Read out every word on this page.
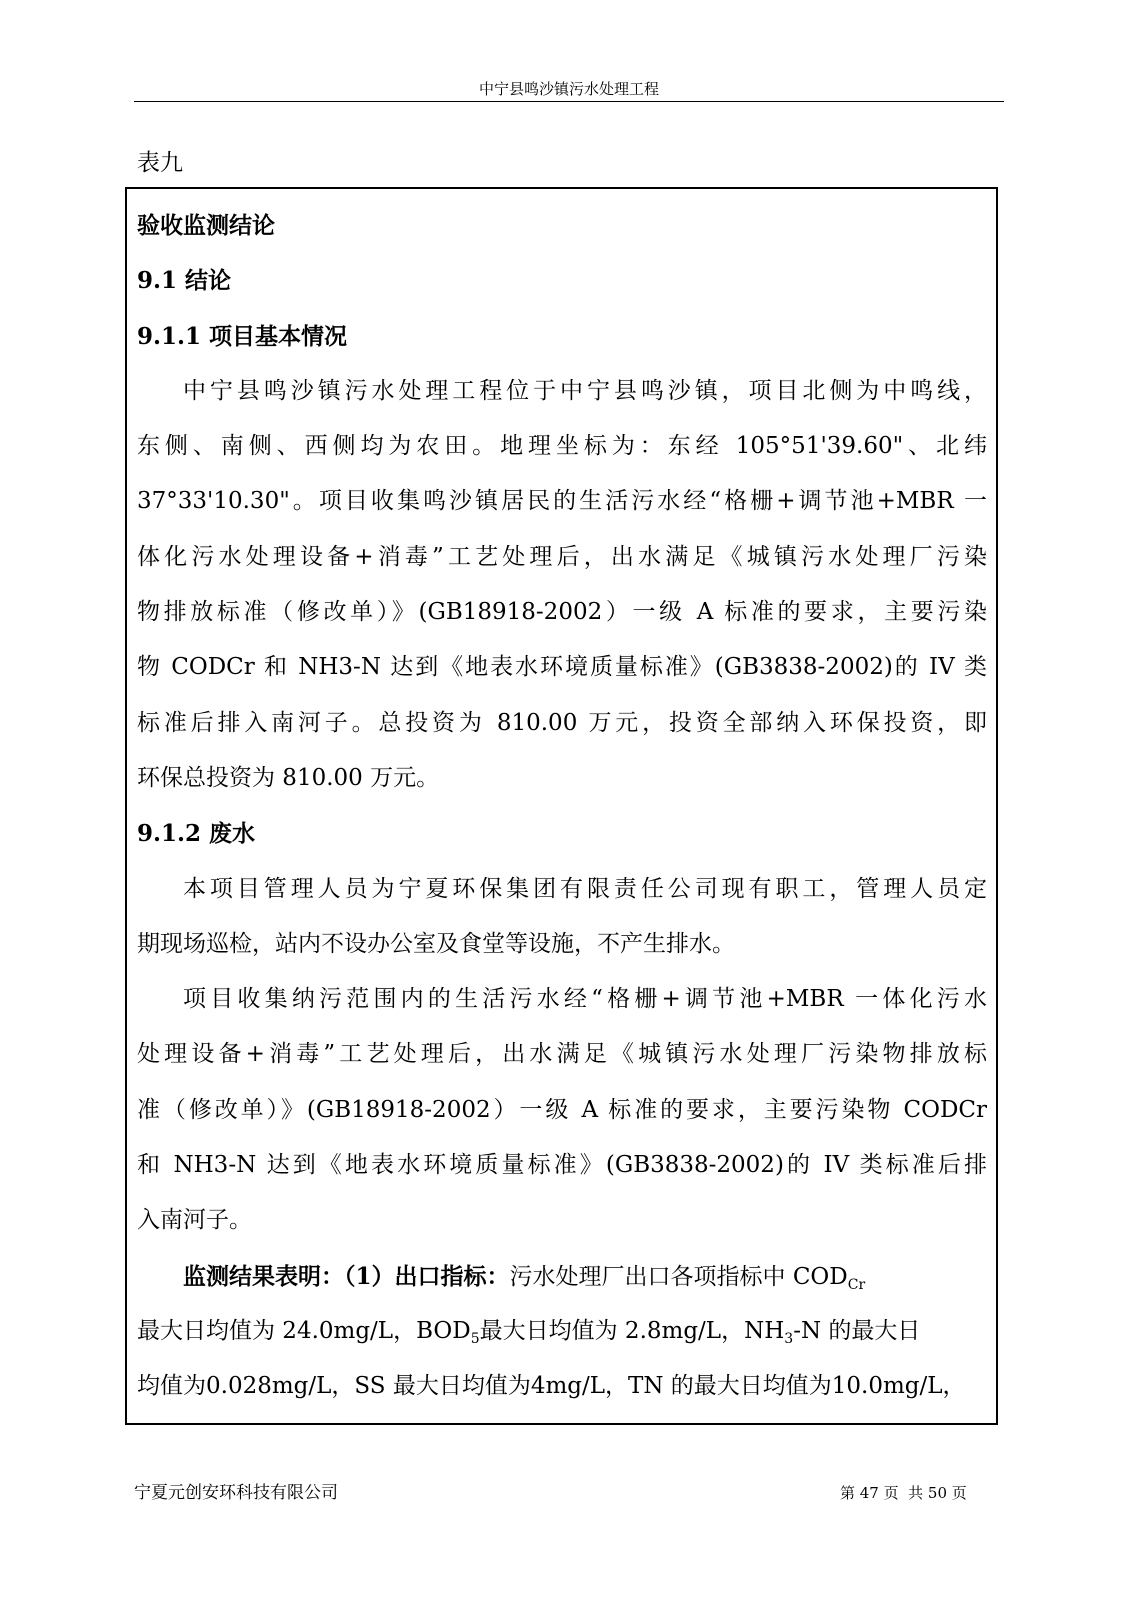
中宁县鸣沙镇污水处理工程
表九
验收监测结论
9.1 结论
9.1.1 项目基本情况
中宁县鸣沙镇污水处理工程位于中宁县鸣沙镇，项目北侧为中鸣线，
东侧、南侧、西侧均为农田。地理坐标为：东经 105°51'39.60"、北纬
37°33'10.30"。项目收集鸣沙镇居民的生活污水经“格栅+调节池+MBR 一
体化污水处理设备+消毒”工艺处理后，出水满足《城镇污水处理厂污染
物排放标准（修改单）》(GB18918-2002）一级 A 标准的要求，主要污染
物 CODCr 和 NH3-N 达到《地表水环境质量标准》(GB3838-2002)的 IV 类
标准后排入南河子。总投资为 810.00 万元，投资全部纳入环保投资，即
环保总投资为 810.00 万元。
9.1.2 废水
本项目管理人员为宁夏环保集团有限责任公司现有职工，管理人员定
期现场巡检，站内不设办公室及食堂等设施，不产生排水。
项目收集纳污范围内的生活污水经“格栅+调节池+MBR 一体化污水
处理设备+消毒”工艺处理后，出水满足《城镇污水处理厂污染物排放标
准（修改单）》(GB18918-2002）一级 A 标准的要求，主要污染物 CODCr
和 NH3-N 达到《地表水环境质量标准》(GB3838-2002)的 IV 类标准后排
入南河子。
监测结果表明：（1）出口指标：污水处理厂出口各项指标中 $COD_{Cr}$
最大日均值为 24.0mg/L，$BOD_5$最大日均值为 2.8mg/L，$NH_3-N$ 的最大日
均值为0.028mg/L，SS 最大日均值为4mg/L，TN 的最大日均值为10.0mg/L，
宁夏元创安环科技有限公司	第 47 页  共 50 页
